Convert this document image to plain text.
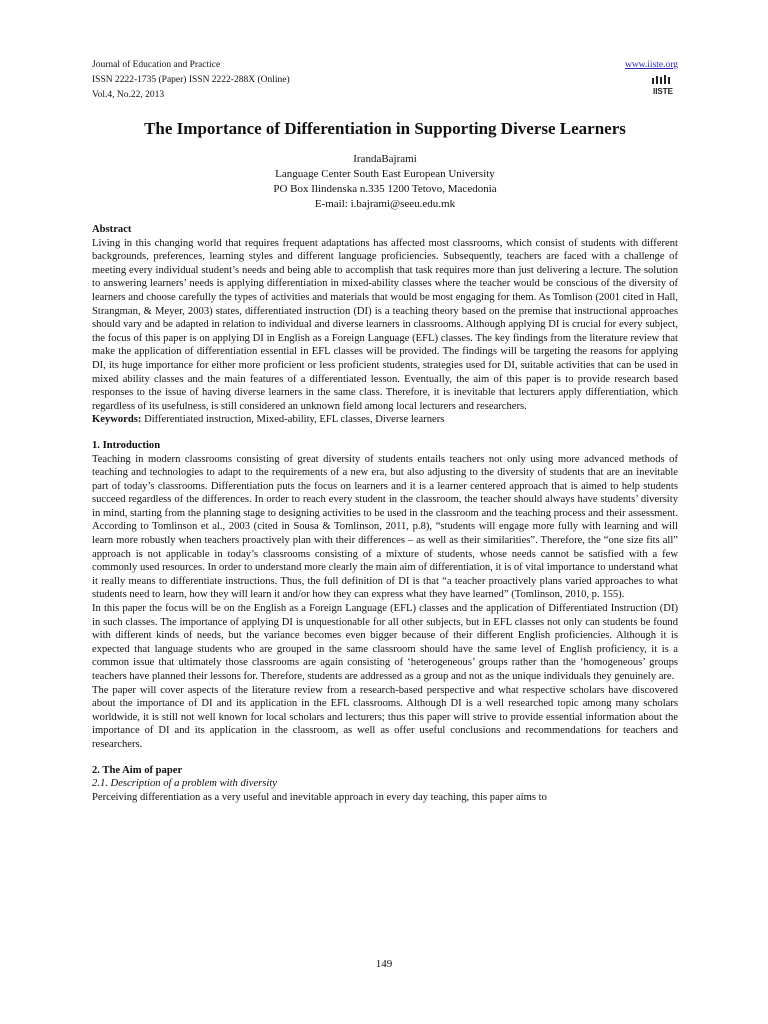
Journal of Education and Practice
ISSN 2222-1735 (Paper) ISSN 2222-288X (Online)
Vol.4, No.22, 2013
www.iiste.org
IISTE
The Importance of Differentiation in Supporting Diverse Learners
IrandaBajrami
Language Center South East European University
PO Box Ilindenska n.335 1200 Tetovo, Macedonia
E-mail: i.bajrami@seeu.edu.mk

Abstract

Living in this changing world that requires frequent adaptations has affected most classrooms, which consist of students with different backgrounds, preferences, learning styles and different language proficiencies. Subsequently, teachers are faced with a challenge of meeting every individual student’s needs and being able to accomplish that task requires more than just delivering a lecture. The solution to answering learners’ needs is applying differentiation in mixed-ability classes where the teacher would be conscious of the diversity of learners and choose carefully the types of activities and materials that would be most engaging for them. As Tomlison (2001 cited in Hall, Strangman, & Meyer, 2003) states, differentiated instruction (DI) is a teaching theory based on the premise that instructional approaches should vary and be adapted in relation to individual and diverse learners in classrooms. Although applying DI is crucial for every subject, the focus of this paper is on applying DI in English as a Foreign Language (EFL) classes. The key findings from the literature review that make the application of differentiation essential in EFL classes will be provided. The findings will be targeting the reasons for applying DI, its huge importance for either more proficient or less proficient students, strategies used for DI, suitable activities that can be used in mixed ability classes and the main features of a differentiated lesson. Eventually, the aim of this paper is to provide research based responses to the issue of having diverse learners in the same class. Therefore, it is inevitable that lecturers apply differentiation, which regardless of its usefulness, is still considered an unknown field among local lecturers and researchers.

Keywords: Differentiated instruction, Mixed-ability, EFL classes, Diverse learners

1. Introduction

Teaching in modern classrooms consisting of great diversity of students entails teachers not only using more advanced methods of teaching and technologies to adapt to the requirements of a new era, but also adjusting to the diversity of students that are an inevitable part of today’s classrooms. Differentiation puts the focus on learners and it is a learner centered approach that is aimed to help students succeed regardless of the differences. In order to reach every student in the classroom, the teacher should always have students’ diversity in mind, starting from the planning stage to designing activities to be used in the classroom and the teaching process and their assessment. According to Tomlinson et al., 2003 (cited in Sousa & Tomlinson, 2011, p.8), “students will engage more fully with learning and will learn more robustly when teachers proactively plan with their differences – as well as their similarities”. Therefore, the “one size fits all” approach is not applicable in today’s classrooms consisting of a mixture of students, whose needs cannot be satisfied with a few commonly used resources. In order to understand more clearly the main aim of differentiation, it is of vital importance to understand what it really means to differentiate instructions. Thus, the full definition of DI is that “a teacher proactively plans varied approaches to what students need to learn, how they will learn it and/or how they can express what they have learned” (Tomlinson, 2010, p. 155).

In this paper the focus will be on the English as a Foreign Language (EFL) classes and the application of Differentiated Instruction (DI) in such classes. The importance of applying DI is unquestionable for all other subjects, but in EFL classes not only can students be found with different kinds of needs, but the variance becomes even bigger because of their different English proficiencies. Although it is expected that language students who are grouped in the same classroom should have the same level of English proficiency, it is a common issue that ultimately those classrooms are again consisting of ‘heterogeneous’ groups rather than the ‘homogeneous’ groups teachers have planned their lessons for. Therefore, students are addressed as a group and not as the unique individuals they genuinely are.

The paper will cover aspects of the literature review from a research-based perspective and what respective scholars have discovered about the importance of DI and its application in the EFL classrooms. Although DI is a well researched topic among many scholars worldwide, it is still not well known for local scholars and lecturers; thus this paper will strive to provide essential information about the importance of DI and its application in the classroom, as well as offer useful conclusions and recommendations for teachers and researchers.

2. The Aim of paper

2.1. Description of a problem with diversity

Perceiving differentiation as a very useful and inevitable approach in every day teaching, this paper aims to

149
